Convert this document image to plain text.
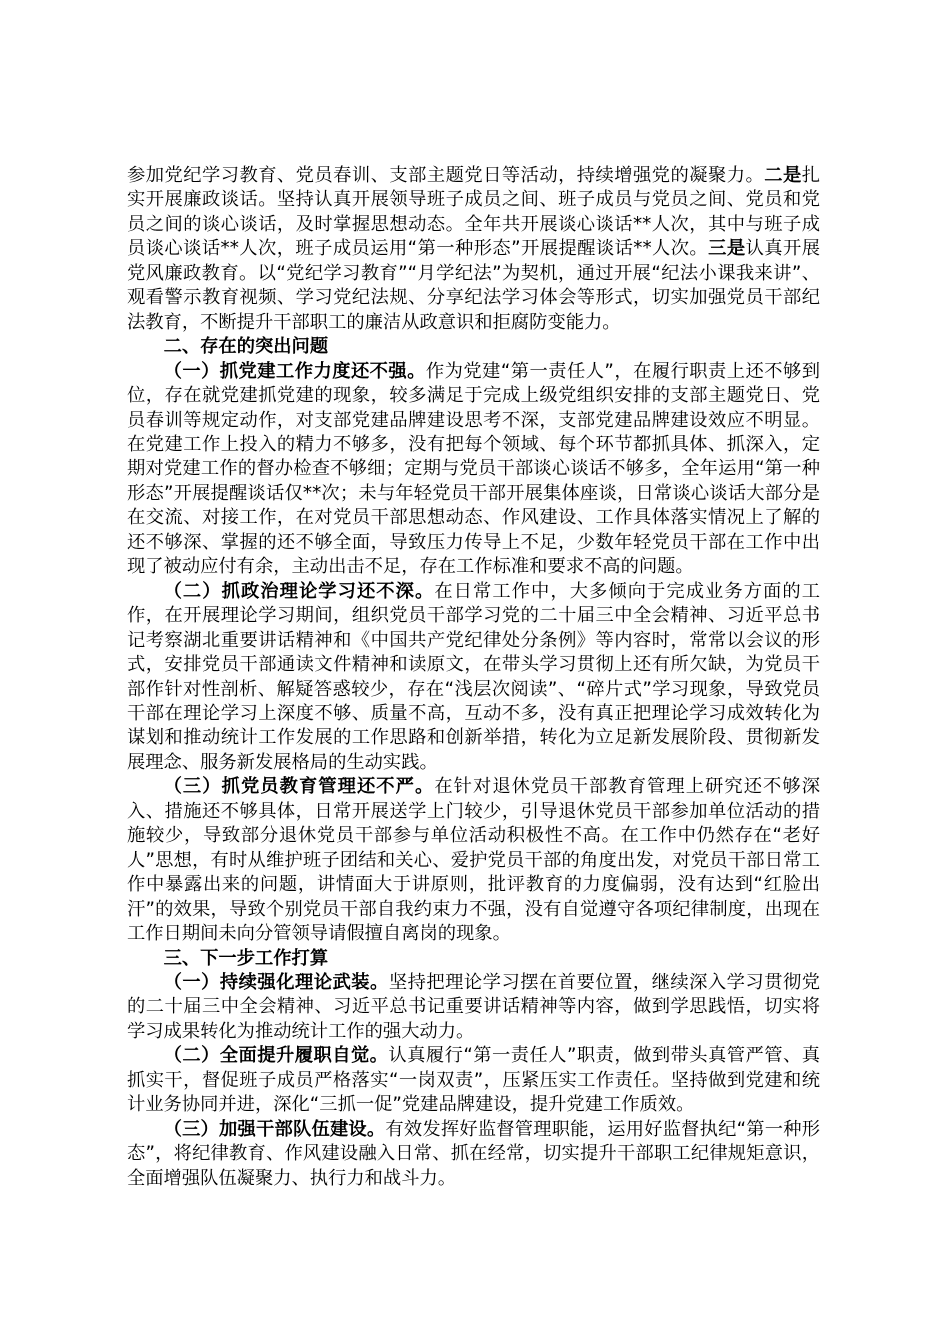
参加党纪学习教育、党员春训、支部主题党日等活动，持续增强党的凝聚力。二是扎实开展廉政谈话。坚持认真开展领导班子成员之间、班子成员与党员之间、党员和党员之间的谈心谈话，及时掌握思想动态。全年共开展谈心谈话**人次，其中与班子成员谈心谈话**人次，班子成员运用“第一种形态”开展提醒谈话**人次。三是认真开展党风廉政教育。以“党纪学习教育”“月学纪法”为契机，通过开展“纪法小课我来讲”、观看警示教育视频、学习党纪法规、分享纪法学习体会等形式，切实加强党员干部纪法教育，不断提升干部职工的廉洁从政意识和拒腐防变能力。

二、存在的突出问题

（一）抓党建工作力度还不强。作为党建“第一责任人”，在履行职责上还不够到位，存在就党建抓党建的现象，较多满足于完成上级党组织安排的支部主题党日、党员春训等规定动作，对支部党建品牌建设思考不深，支部党建品牌建设效应不明显。在党建工作上投入的精力不够多，没有把每个领域、每个环节都抓具体、抓深入，定期对党建工作的督办检查不够细；定期与党员干部谈心谈话不够多，全年运用“第一种形态”开展提醒谈话仅**次；未与年轻党员干部开展集体座谈，日常谈心谈话大部分是在交流、对接工作，在对党员干部思想动态、作风建设、工作具体落实情况上了解的还不够深、掌握的还不够全面，导致压力传导上不足，少数年轻党员干部在工作中出现了被动应付有余，主动出击不足，存在工作标准和要求不高的问题。

（二）抓政治理论学习还不深。在日常工作中，大多倾向于完成业务方面的工作，在开展理论学习期间，组织党员干部学习党的二十届三中全会精神、习近平总书记考察湖北重要讲话精神和《中国共产党纪律处分条例》等内容时，常常以会议的形式，安排党员干部通读文件精神和读原文，在带头学习贯彻上还有所欠缺，为党员干部作针对性剖析、解疑答惑较少，存在“浅层次阅读”、“碎片式”学习现象，导致党员干部在理论学习上深度不够、质量不高，互动不多，没有真正把理论学习成效转化为谋划和推动统计工作发展的工作思路和创新举措，转化为立足新发展阶段、贯彻新发展理念、服务新发展格局的生动实践。

（三）抓党员教育管理还不严。在针对退休党员干部教育管理上研究还不够深入、措施还不够具体，日常开展送学上门较少，引导退休党员干部参加单位活动的措施较少，导致部分退休党员干部参与单位活动积极性不高。在工作中仍然存在“老好人”思想，有时从维护班子团结和关心、爱护党员干部的角度出发，对党员干部日常工作中暴露出来的问题，讲情面大于讲原则，批评教育的力度偏弱，没有达到“红脸出汗”的效果，导致个别党员干部自我约束力不强，没有自觉遵守各项纪律制度，出现在工作日期间未向分管领导请假擅自离岗的现象。

三、下一步工作打算

（一）持续强化理论武装。坚持把理论学习摆在首要位置，继续深入学习贯彻党的二十届三中全会精神、习近平总书记重要讲话精神等内容，做到学思践悟，切实将学习成果转化为推动统计工作的强大动力。

（二）全面提升履职自觉。认真履行“第一责任人”职责，做到带头真管严管、真抓实干，督促班子成员严格落实“一岗双责”，压紧压实工作责任。坚持做到党建和统计业务协同并进，深化“三抓一促”党建品牌建设，提升党建工作质效。

（三）加强干部队伍建设。有效发挥好监督管理职能，运用好监督执纪“第一种形态”，将纪律教育、作风建设融入日常、抓在经常，切实提升干部职工纪律规矩意识，全面增强队伍凝聚力、执行力和战斗力。
